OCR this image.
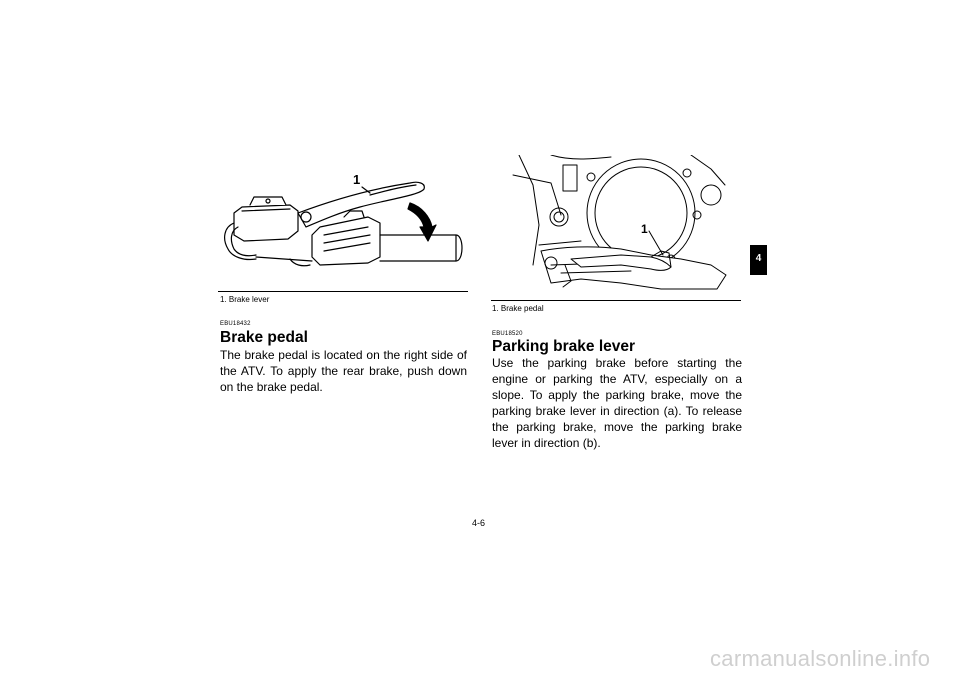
1
1. Brake lever
EBU18432
Brake pedal
The brake pedal is located on the right side of the ATV. To apply the rear brake, push down on the brake pedal.
1
1. Brake pedal
EBU18520
Parking brake lever
Use the parking brake before starting the engine or parking the ATV, especially on a slope. To apply the parking brake, move the parking brake lever in direction (a). To release the parking brake, move the parking brake lever in direction (b).
4
4-6
carmanualsonline.info
